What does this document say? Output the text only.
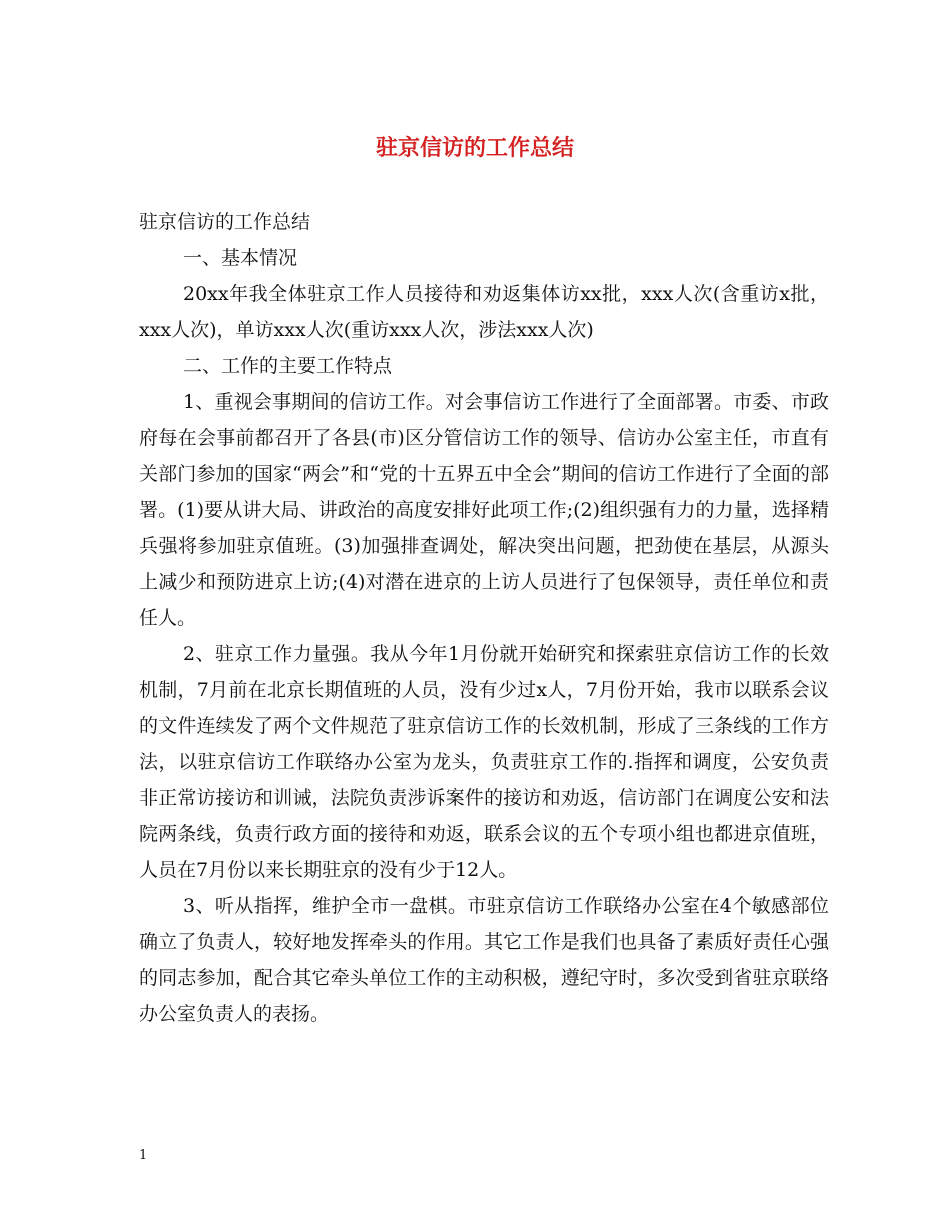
驻京信访的工作总结

驻京信访的工作总结

一、基本情况

20xx年我全体驻京工作人员接待和劝返集体访xx批，xxx人次(含重访x批，xxx人次)，单访xxx人次(重访xxx人次，涉法xxx人次)

二、工作的主要工作特点

1、重视会事期间的信访工作。对会事信访工作进行了全面部署。市委、市政府每在会事前都召开了各县(市)区分管信访工作的领导、信访办公室主任，市直有关部门参加的国家“两会”和“党的十五界五中全会”期间的信访工作进行了全面的部署。(1)要从讲大局、讲政治的高度安排好此项工作;(2)组织强有力的力量，选择精兵强将参加驻京值班。(3)加强排查调处，解决突出问题，把劲使在基层，从源头上减少和预防进京上访;(4)对潜在进京的上访人员进行了包保领导，责任单位和责任人。

2、驻京工作力量强。我从今年1月份就开始研究和探索驻京信访工作的长效机制，7月前在北京长期值班的人员，没有少过x人，7月份开始，我市以联系会议的文件连续发了两个文件规范了驻京信访工作的长效机制，形成了三条线的工作方法，以驻京信访工作联络办公室为龙头，负责驻京工作的.指挥和调度，公安负责非正常访接访和训诫，法院负责涉诉案件的接访和劝返，信访部门在调度公安和法院两条线，负责行政方面的接待和劝返，联系会议的五个专项小组也都进京值班，人员在7月份以来长期驻京的没有少于12人。

3、听从指挥，维护全市一盘棋。市驻京信访工作联络办公室在4个敏感部位确立了负责人，较好地发挥牵头的作用。其它工作是我们也具备了素质好责任心强的同志参加，配合其它牵头单位工作的主动积极，遵纪守时，多次受到省驻京联络办公室负责人的表扬。

1
